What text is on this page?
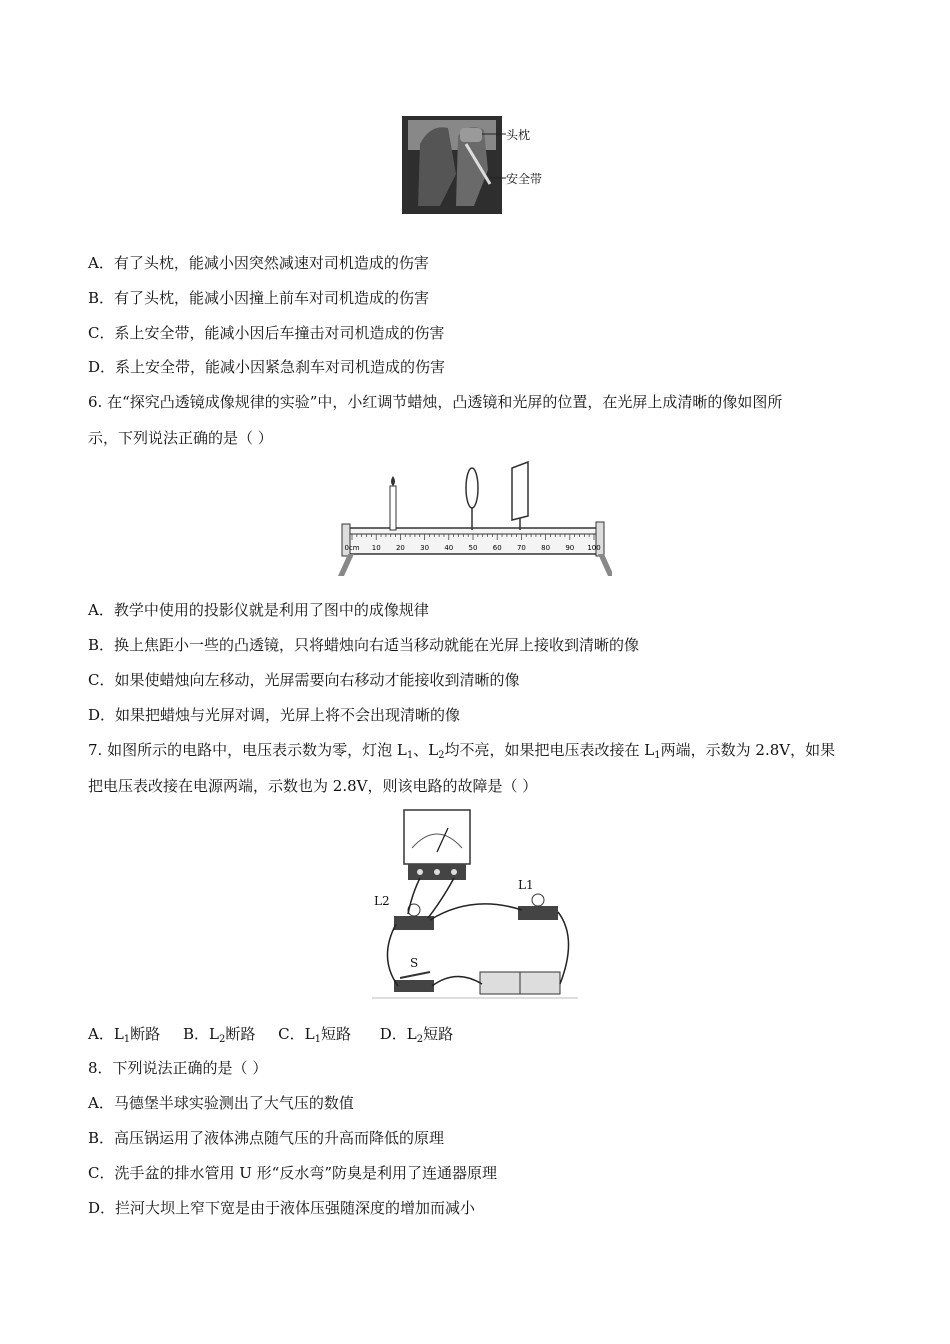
头枕
安全带
A．有了头枕，能减小因突然减速对司机造成的伤害
B．有了头枕，能减小因撞上前车对司机造成的伤害
C．系上安全带，能减小因后车撞击对司机造成的伤害
D．系上安全带，能减小因紧急刹车对司机造成的伤害
6. 在“探究凸透镜成像规律的实验”中，小红调节蜡烛，凸透镜和光屏的位置，在光屏上成清晰的像如图所
示，下列说法正确的是（ ）
0cm 10 20 30 40 50 60 70 80 90 100
A．教学中使用的投影仪就是利用了图中的成像规律
B．换上焦距小一些的凸透镜，只将蜡烛向右适当移动就能在光屏上接收到清晰的像
C．如果使蜡烛向左移动，光屏需要向右移动才能接收到清晰的像
D．如果把蜡烛与光屏对调，光屏上将不会出现清晰的像
7. 如图所示的电路中，电压表示数为零，灯泡 $L_1$、$L_2$均不亮，如果把电压表改接在 $L_1$两端，示数为 2.8V，如果
把电压表改接在电源两端，示数也为 2.8V，则该电路的故障是（ ）
L2
L1
S
A．$L_1$断路 B．$L_2$断路 C．$L_1$短路 D．$L_2$短路
8．下列说法正确的是（ ）
A．马德堡半球实验测出了大气压的数值
B．高压锅运用了液体沸点随气压的升高而降低的原理
C．洗手盆的排水管用 U 形“反水弯”防臭是利用了连通器原理
D．拦河大坝上窄下宽是由于液体压强随深度的增加而减小
